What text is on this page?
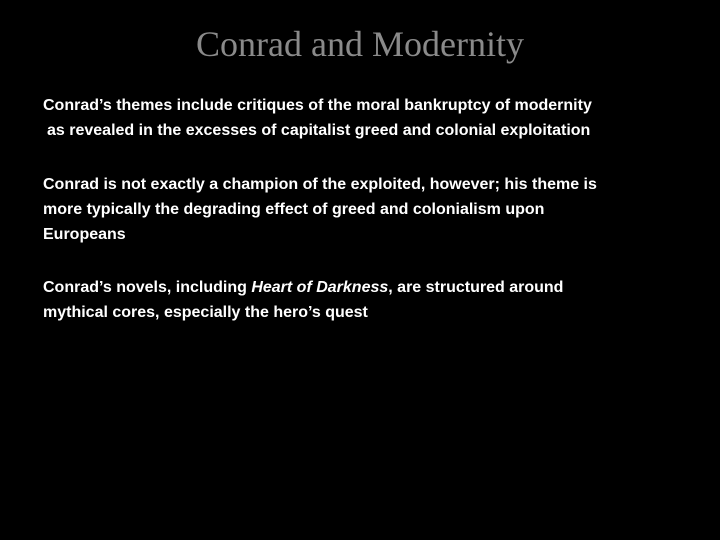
Conrad and Modernity

Conrad’s themes include critiques of the moral bankruptcy of modernity
as revealed in the excesses of capitalist greed and colonial exploitation

Conrad is not exactly a champion of the exploited, however; his theme is
more typically the degrading effect of greed and colonialism upon
Europeans

Conrad’s novels, including Heart of Darkness, are structured around
mythical cores, especially the hero’s quest
